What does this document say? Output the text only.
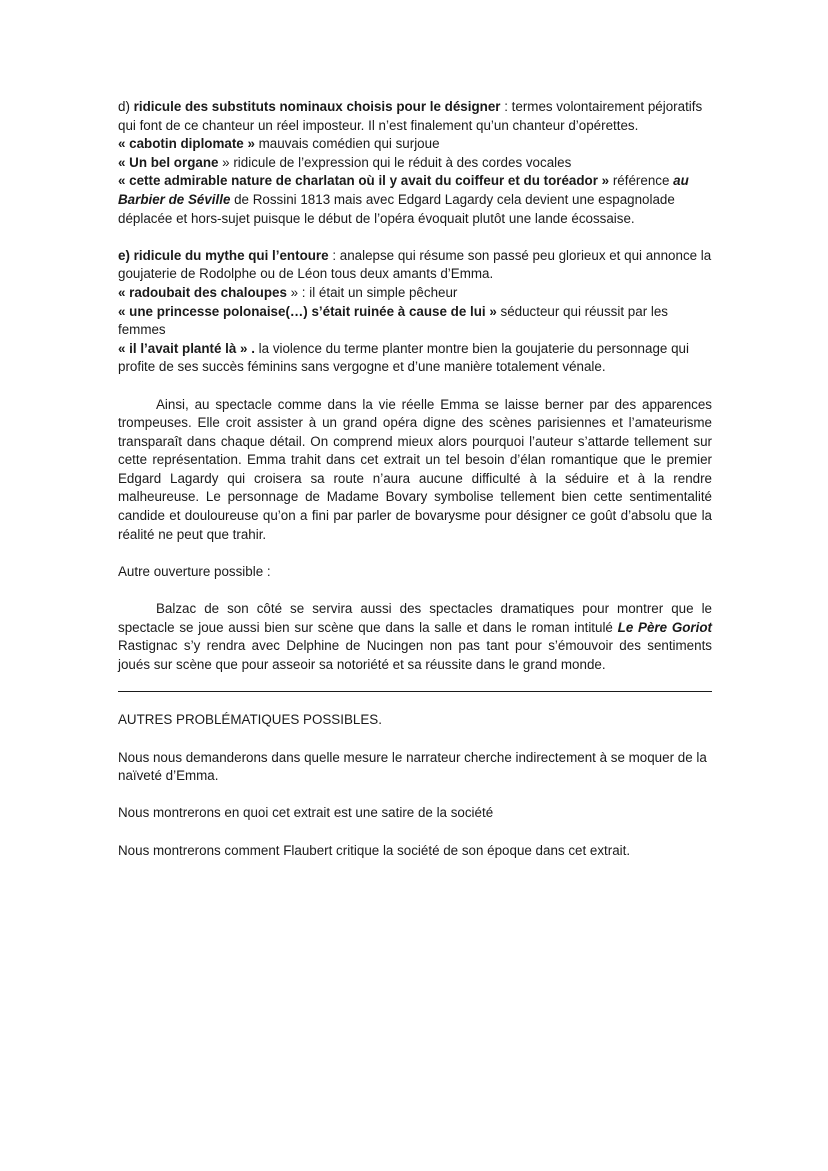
d) ridicule des substituts nominaux choisis pour le désigner : termes volontairement péjoratifs qui font de ce chanteur un réel imposteur. Il n’est finalement qu’un chanteur d’opérettes.

« cabotin diplomate » mauvais comédien qui surjoue

« Un bel organe » ridicule de l’expression qui le réduit à des cordes vocales

« cette admirable nature de charlatan où il y avait du coiffeur et du toréador » référence au Barbier de Séville de Rossini 1813 mais avec Edgard Lagardy cela devient une espagnolade déplacée et hors-sujet puisque le début de l’opéra évoquait plutôt une lande écossaise.

e) ridicule du mythe qui l’entoure : analepse qui résume son passé peu glorieux et qui annonce la goujaterie de Rodolphe ou de Léon tous deux amants d’Emma.

« radoubait des chaloupes » : il était un simple pêcheur

« une princesse polonaise(…) s’était ruinée à cause de lui » séducteur qui réussit par les femmes

« il l’avait planté là » . la violence du terme planter montre bien la goujaterie du personnage qui profite de ses succès féminins sans vergogne et d’une manière totalement vénale.

Ainsi, au spectacle comme dans la vie réelle Emma se laisse berner par des apparences trompeuses. Elle croit assister à un grand opéra digne des scènes parisiennes et l’amateurisme transparaît dans chaque détail. On comprend mieux alors pourquoi l’auteur s’attarde tellement sur cette représentation. Emma trahit dans cet extrait un tel besoin d’élan romantique que le premier Edgard Lagardy qui croisera sa route n’aura aucune difficulté à la séduire et à la rendre malheureuse. Le personnage de Madame Bovary symbolise tellement bien cette sentimentalité candide et douloureuse qu’on a fini par parler de bovarysme pour désigner ce goût d’absolu que la réalité ne peut que trahir.

Autre ouverture possible :

Balzac de son côté se servira aussi des spectacles dramatiques pour montrer que le spectacle se joue aussi bien sur scène que dans la salle et dans le roman intitulé Le Père Goriot Rastignac s’y rendra avec Delphine de Nucingen non pas tant pour s’émouvoir des sentiments joués sur scène que pour asseoir sa notoriété et sa réussite dans le grand monde.

AUTRES PROBLÉMATIQUES POSSIBLES.

Nous nous demanderons dans quelle mesure le narrateur cherche indirectement à se moquer de la naïveté d’Emma.

Nous montrerons en quoi cet extrait est une satire de la société

Nous montrerons comment Flaubert critique la société de son époque dans cet extrait.
